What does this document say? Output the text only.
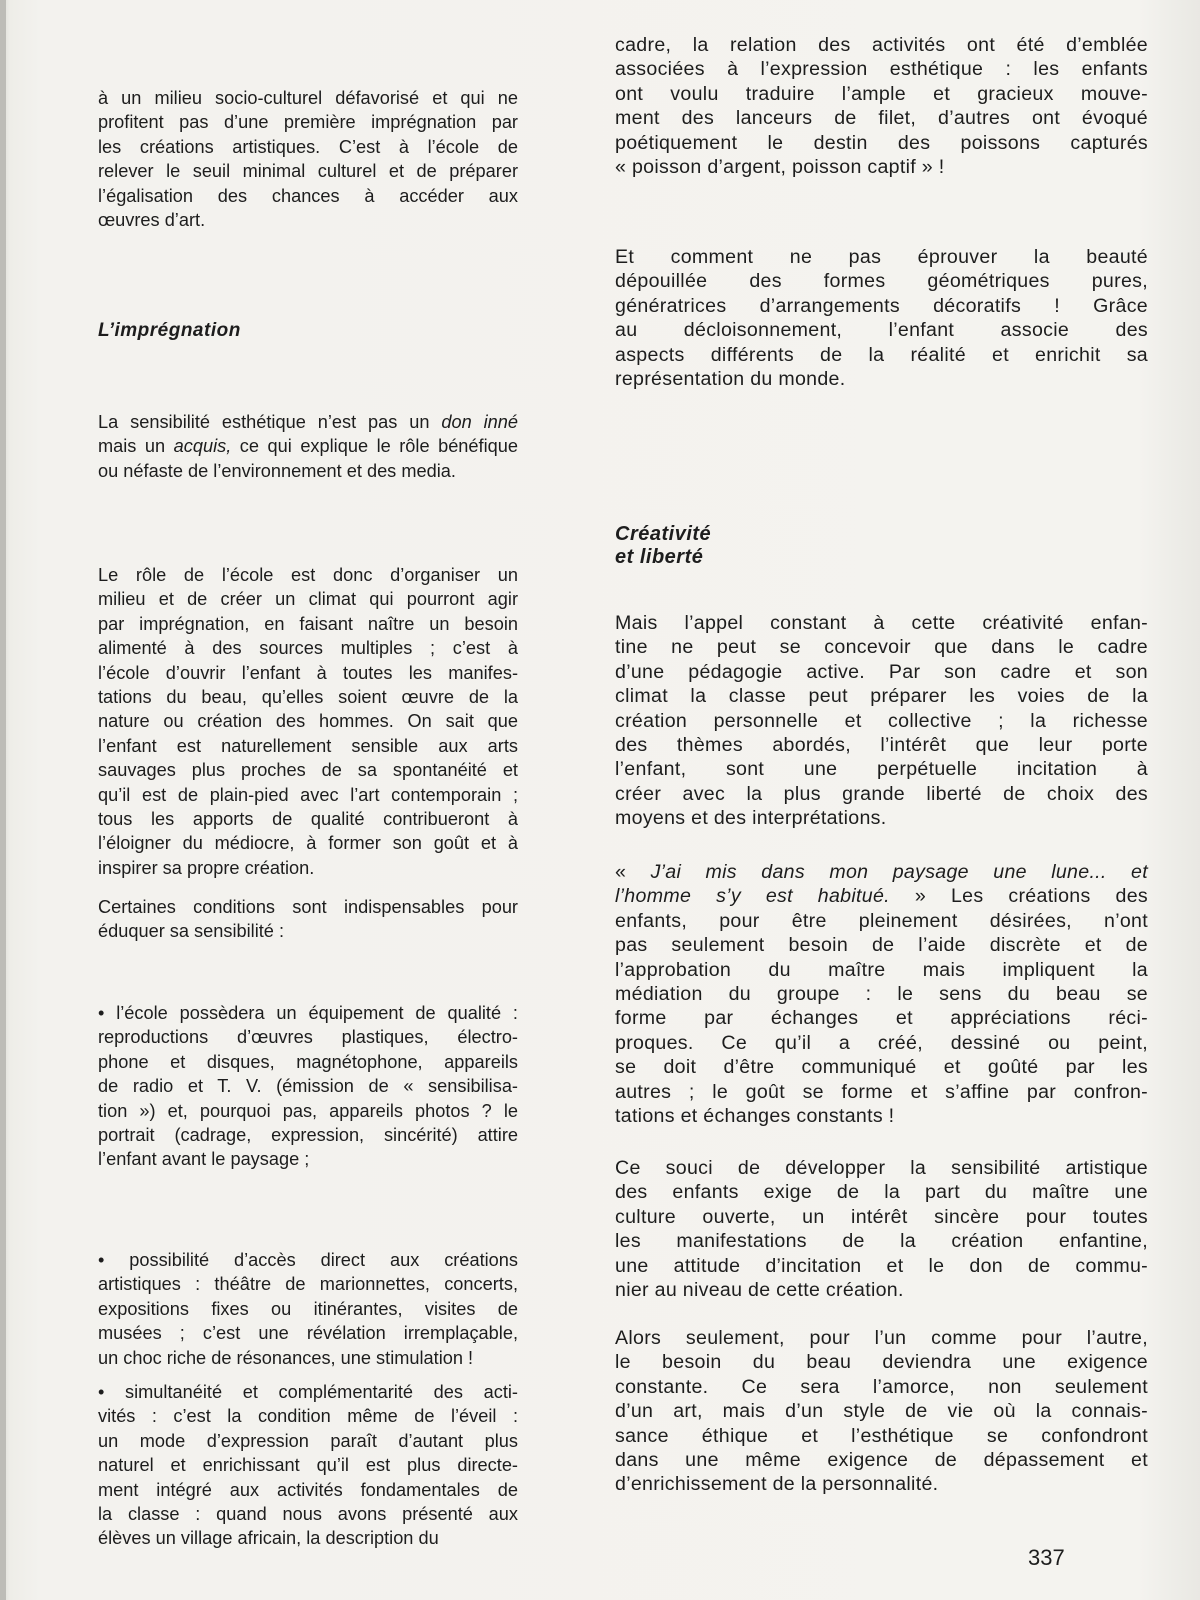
à un milieu socio-culturel défavorisé et qui ne
profitent pas d’une première imprégnation par
les créations artistiques. C’est à l’école de
relever le seuil minimal culturel et de préparer
l’égalisation des chances à accéder aux
œuvres d’art.
L’imprégnation
La sensibilité esthétique n’est pas un don inné
mais un acquis, ce qui explique le rôle bénéfique
ou néfaste de l’environnement et des media.
Le rôle de l’école est donc d’organiser un
milieu et de créer un climat qui pourront agir
par imprégnation, en faisant naître un besoin
alimenté à des sources multiples ; c’est à
l’école d’ouvrir l’enfant à toutes les manifes-
tations du beau, qu’elles soient œuvre de la
nature ou création des hommes. On sait que
l’enfant est naturellement sensible aux arts
sauvages plus proches de sa spontanéité et
qu’il est de plain-pied avec l’art contemporain ;
tous les apports de qualité contribueront à
l’éloigner du médiocre, à former son goût et à
inspirer sa propre création.
Certaines conditions sont indispensables pour
éduquer sa sensibilité :
• l’école possèdera un équipement de qualité :
reproductions d’œuvres plastiques, électro-
phone et disques, magnétophone, appareils
de radio et T. V. (émission de « sensibilisa-
tion ») et, pourquoi pas, appareils photos ? le
portrait (cadrage, expression, sincérité) attire
l’enfant avant le paysage ;
• possibilité d’accès direct aux créations
artistiques : théâtre de marionnettes, concerts,
expositions fixes ou itinérantes, visites de
musées ; c’est une révélation irremplaçable,
un choc riche de résonances, une stimulation !
• simultanéité et complémentarité des acti-
vités : c’est la condition même de l’éveil :
un mode d’expression paraît d’autant plus
naturel et enrichissant qu’il est plus directe-
ment intégré aux activités fondamentales de
la classe : quand nous avons présenté aux
élèves un village africain, la description du
cadre, la relation des activités ont été d’emblée
associées à l’expression esthétique : les enfants
ont voulu traduire l’ample et gracieux mouve-
ment des lanceurs de filet, d’autres ont évoqué
poétiquement le destin des poissons capturés
« poisson d’argent, poisson captif » !
Et comment ne pas éprouver la beauté
dépouillée des formes géométriques pures,
génératrices d’arrangements décoratifs ! Grâce
au décloisonnement, l’enfant associe des
aspects différents de la réalité et enrichit sa
représentation du monde.
Créativité et liberté
Mais l’appel constant à cette créativité enfan-
tine ne peut se concevoir que dans le cadre
d’une pédagogie active. Par son cadre et son
climat la classe peut préparer les voies de la
création personnelle et collective ; la richesse
des thèmes abordés, l’intérêt que leur porte
l’enfant, sont une perpétuelle incitation à
créer avec la plus grande liberté de choix des
moyens et des interprétations.
« J’ai mis dans mon paysage une lune... et
l’homme s’y est habitué. » Les créations des
enfants, pour être pleinement désirées, n’ont
pas seulement besoin de l’aide discrète et de
l’approbation du maître mais impliquent la
médiation du groupe : le sens du beau se
forme par échanges et appréciations réci-
proques. Ce qu’il a créé, dessiné ou peint,
se doit d’être communiqué et goûté par les
autres ; le goût se forme et s’affine par confron-
tations et échanges constants !
Ce souci de développer la sensibilité artistique
des enfants exige de la part du maître une
culture ouverte, un intérêt sincère pour toutes
les manifestations de la création enfantine,
une attitude d’incitation et le don de commu-
nier au niveau de cette création.
Alors seulement, pour l’un comme pour l’autre,
le besoin du beau deviendra une exigence
constante. Ce sera l’amorce, non seulement
d’un art, mais d’un style de vie où la connais-
sance éthique et l’esthétique se confondront
dans une même exigence de dépassement et
d’enrichissement de la personnalité.
337
